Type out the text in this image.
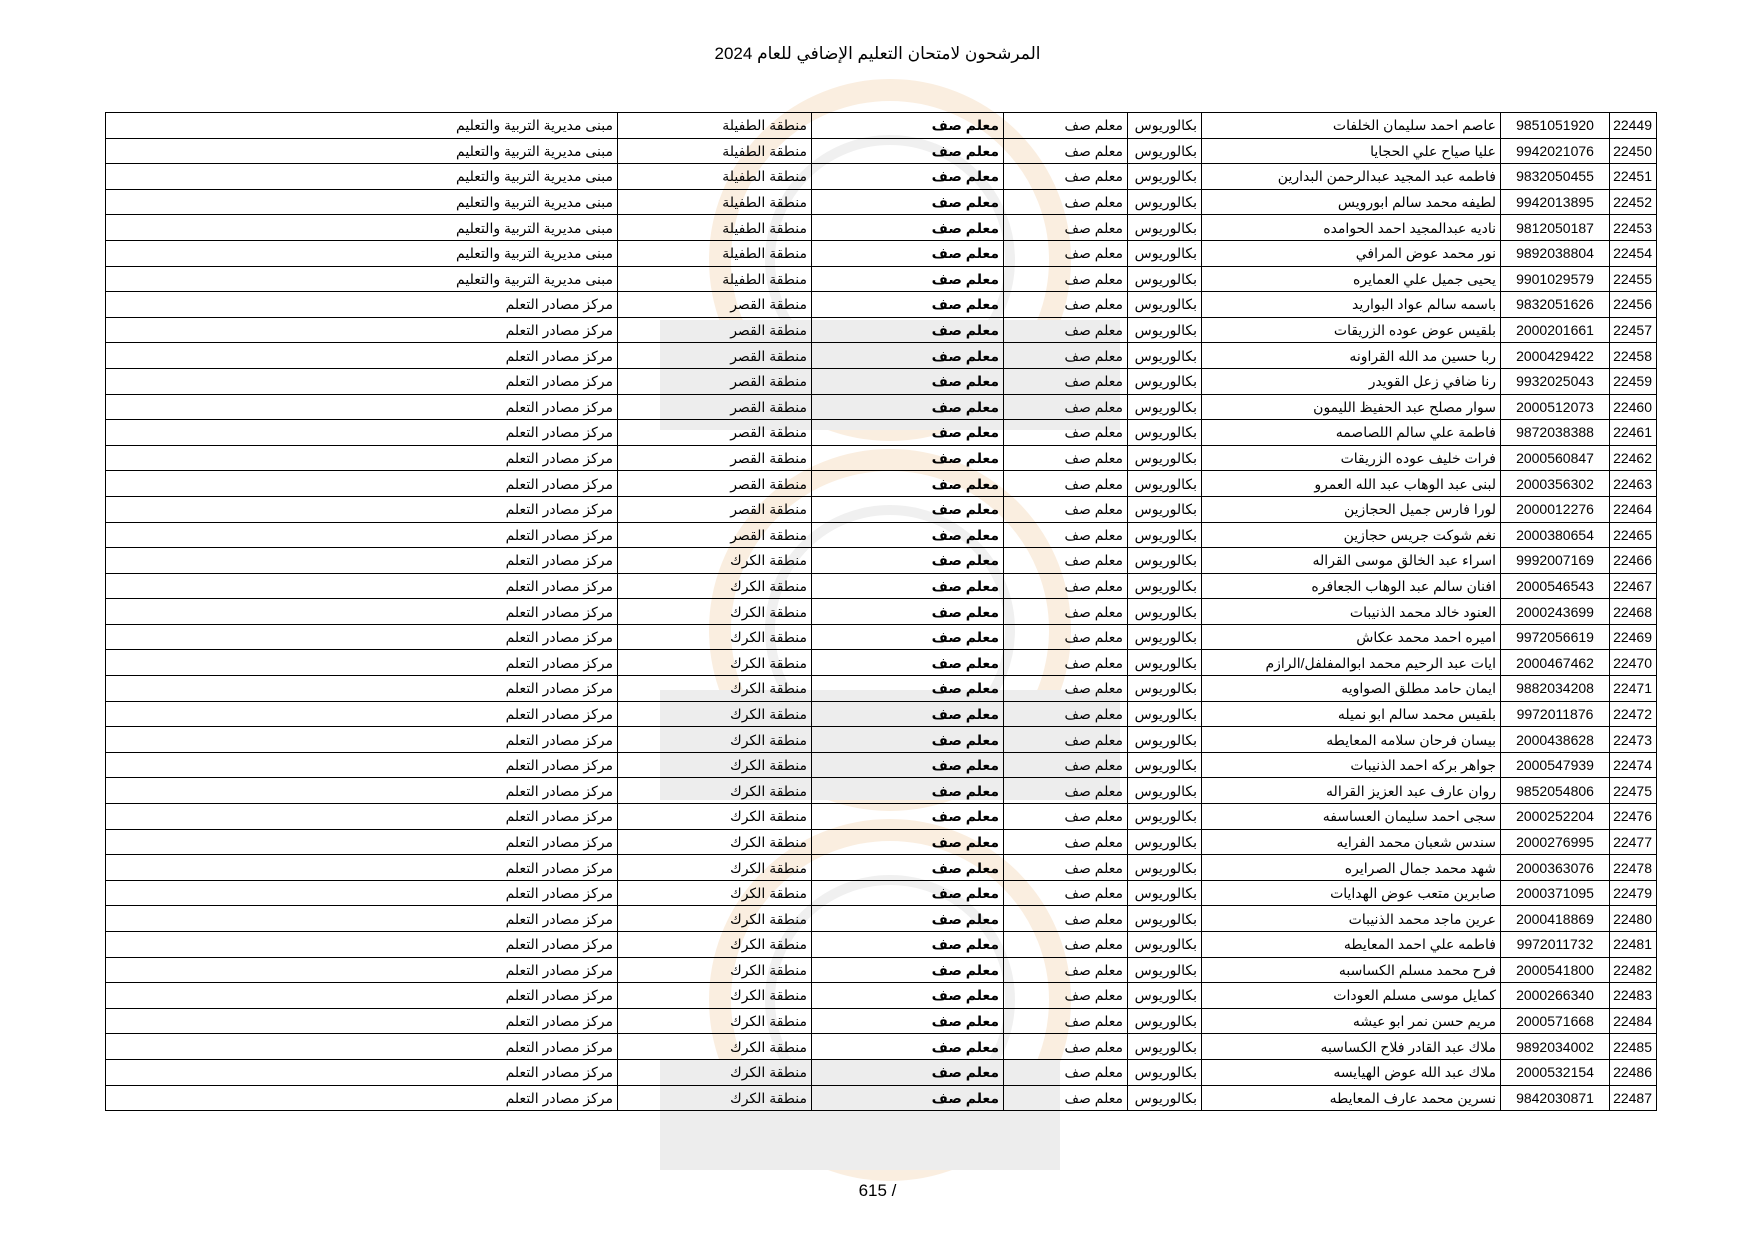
المرشحون لامتحان التعليم الإضافي للعام 2024
22449	9851051920	عاصم احمد سليمان الخلفات	بكالوريوس	معلم صف	معلم صف	منطقة الطفيلة	مبنى مديرية التربية والتعليم
22450	9942021076	عليا صياح علي الحجايا	بكالوريوس	معلم صف	معلم صف	منطقة الطفيلة	مبنى مديرية التربية والتعليم
22451	9832050455	فاطمه عبد المجيد عبدالرحمن البدارين	بكالوريوس	معلم صف	معلم صف	منطقة الطفيلة	مبنى مديرية التربية والتعليم
22452	9942013895	لطيفه محمد سالم ابورويس	بكالوريوس	معلم صف	معلم صف	منطقة الطفيلة	مبنى مديرية التربية والتعليم
22453	9812050187	ناديه عبدالمجيد احمد الحوامده	بكالوريوس	معلم صف	معلم صف	منطقة الطفيلة	مبنى مديرية التربية والتعليم
22454	9892038804	نور محمد عوض المرافي	بكالوريوس	معلم صف	معلم صف	منطقة الطفيلة	مبنى مديرية التربية والتعليم
22455	9901029579	يحيى جميل علي العمايره	بكالوريوس	معلم صف	معلم صف	منطقة الطفيلة	مبنى مديرية التربية والتعليم
22456	9832051626	باسمه سالم عواد البواريد	بكالوريوس	معلم صف	معلم صف	منطقة القصر	مركز مصادر التعلم
22457	2000201661	بلقيس عوض عوده الزريقات	بكالوريوس	معلم صف	معلم صف	منطقة القصر	مركز مصادر التعلم
22458	2000429422	ربا حسين مد الله القراونه	بكالوريوس	معلم صف	معلم صف	منطقة القصر	مركز مصادر التعلم
22459	9932025043	رنا ضافي زعل القويدر	بكالوريوس	معلم صف	معلم صف	منطقة القصر	مركز مصادر التعلم
22460	2000512073	سوار مصلح عبد الحفيظ الليمون	بكالوريوس	معلم صف	معلم صف	منطقة القصر	مركز مصادر التعلم
22461	9872038388	فاطمة علي سالم اللصاصمه	بكالوريوس	معلم صف	معلم صف	منطقة القصر	مركز مصادر التعلم
22462	2000560847	فرات خليف عوده الزريقات	بكالوريوس	معلم صف	معلم صف	منطقة القصر	مركز مصادر التعلم
22463	2000356302	لبنى عبد الوهاب عبد الله العمرو	بكالوريوس	معلم صف	معلم صف	منطقة القصر	مركز مصادر التعلم
22464	2000012276	لورا فارس جميل الحجازين	بكالوريوس	معلم صف	معلم صف	منطقة القصر	مركز مصادر التعلم
22465	2000380654	نغم شوكت جريس حجازين	بكالوريوس	معلم صف	معلم صف	منطقة القصر	مركز مصادر التعلم
22466	9992007169	اسراء عبد الخالق موسى القراله	بكالوريوس	معلم صف	معلم صف	منطقة الكرك	مركز مصادر التعلم
22467	2000546543	افنان سالم عبد الوهاب الجعافره	بكالوريوس	معلم صف	معلم صف	منطقة الكرك	مركز مصادر التعلم
22468	2000243699	العنود خالد محمد الذنيبات	بكالوريوس	معلم صف	معلم صف	منطقة الكرك	مركز مصادر التعلم
22469	9972056619	اميره احمد محمد عكاش	بكالوريوس	معلم صف	معلم صف	منطقة الكرك	مركز مصادر التعلم
22470	2000467462	ايات عبد الرحيم محمد ابوالمفلفل/الرازم	بكالوريوس	معلم صف	معلم صف	منطقة الكرك	مركز مصادر التعلم
22471	9882034208	ايمان حامد مطلق الصواويه	بكالوريوس	معلم صف	معلم صف	منطقة الكرك	مركز مصادر التعلم
22472	9972011876	بلقيس محمد سالم ابو نميله	بكالوريوس	معلم صف	معلم صف	منطقة الكرك	مركز مصادر التعلم
22473	2000438628	بيسان فرحان سلامه المعايطه	بكالوريوس	معلم صف	معلم صف	منطقة الكرك	مركز مصادر التعلم
22474	2000547939	جواهر بركه احمد الذنيبات	بكالوريوس	معلم صف	معلم صف	منطقة الكرك	مركز مصادر التعلم
22475	9852054806	روان عارف عبد العزيز القراله	بكالوريوس	معلم صف	معلم صف	منطقة الكرك	مركز مصادر التعلم
22476	2000252204	سجى احمد سليمان العساسفه	بكالوريوس	معلم صف	معلم صف	منطقة الكرك	مركز مصادر التعلم
22477	2000276995	سندس شعبان محمد الفرايه	بكالوريوس	معلم صف	معلم صف	منطقة الكرك	مركز مصادر التعلم
22478	2000363076	شهد محمد جمال الصرايره	بكالوريوس	معلم صف	معلم صف	منطقة الكرك	مركز مصادر التعلم
22479	2000371095	صابرين متعب عوض الهدايات	بكالوريوس	معلم صف	معلم صف	منطقة الكرك	مركز مصادر التعلم
22480	2000418869	عرين ماجد محمد الذنيبات	بكالوريوس	معلم صف	معلم صف	منطقة الكرك	مركز مصادر التعلم
22481	9972011732	فاطمه علي احمد المعايطه	بكالوريوس	معلم صف	معلم صف	منطقة الكرك	مركز مصادر التعلم
22482	2000541800	فرح محمد مسلم الكساسبه	بكالوريوس	معلم صف	معلم صف	منطقة الكرك	مركز مصادر التعلم
22483	2000266340	كمايل موسى مسلم العودات	بكالوريوس	معلم صف	معلم صف	منطقة الكرك	مركز مصادر التعلم
22484	2000571668	مريم حسن نمر ابو عيشه	بكالوريوس	معلم صف	معلم صف	منطقة الكرك	مركز مصادر التعلم
22485	9892034002	ملاك عبد القادر فلاح الكساسبه	بكالوريوس	معلم صف	معلم صف	منطقة الكرك	مركز مصادر التعلم
22486	2000532154	ملاك عبد الله عوض الهيايسه	بكالوريوس	معلم صف	معلم صف	منطقة الكرك	مركز مصادر التعلم
22487	9842030871	نسرين محمد عارف المعايطه	بكالوريوس	معلم صف	معلم صف	منطقة الكرك	مركز مصادر التعلم
615 /
